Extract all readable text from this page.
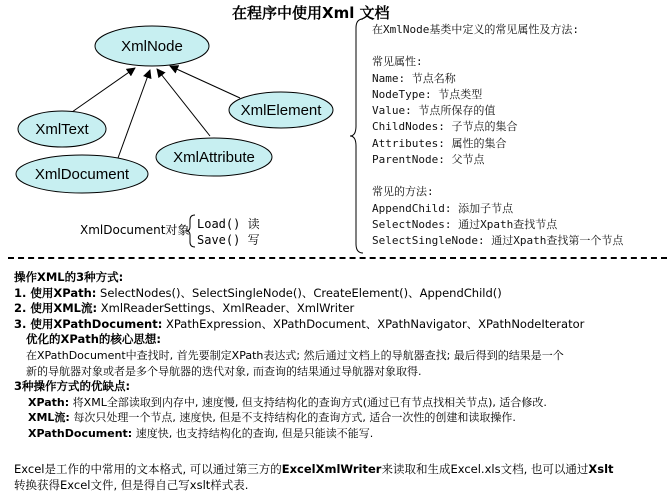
在程序中使用Xml 文档
XmlNode
XmlElement
XmlText
XmlAttribute
XmlDocument
XmlDocument对象 Load() 读
Save() 写
在XmlNode基类中定义的常见属性及方法:
常见属性:
Name: 节点名称
NodeType: 节点类型
Value: 节点所保存的值
ChildNodes: 子节点的集合
Attributes: 属性的集合
ParentNode: 父节点
常见的方法:
AppendChild: 添加子节点
SelectNodes: 通过Xpath查找节点
SelectSingleNode: 通过Xpath查找第一个节点
操作XML的3种方式:
1. 使用XPath: SelectNodes()、SelectSingleNode()、CreateElement()、AppendChild()
2. 使用XML流: XmlReaderSettings、XmlReader、XmlWriter
3. 使用XPathDocument: XPathExpression、XPathDocument、XPathNavigator、XPathNodeIterator
优化的XPath的核心思想:
在XPathDocument中查找时, 首先要制定XPath表达式; 然后通过文档上的导航器查找; 最后得到的结果是一个
新的导航器对象或者是多个导航器的迭代对象, 而查询的结果通过导航器对象取得.
3种操作方式的优缺点:
XPath: 将XML全部读取到内存中, 速度慢, 但支持结构化的查询方式(通过已有节点找相关节点), 适合修改.
XML流: 每次只处理一个节点, 速度快, 但是不支持结构化的查询方式, 适合一次性的创建和读取操作.
XPathDocument: 速度快, 也支持结构化的查询, 但是只能读不能写.
Excel是工作的中常用的文本格式, 可以通过第三方的ExcelXmlWriter来读取和生成Excel.xls文档, 也可以通过Xslt
转换获得Excel文件, 但是得自己写xslt样式表.
